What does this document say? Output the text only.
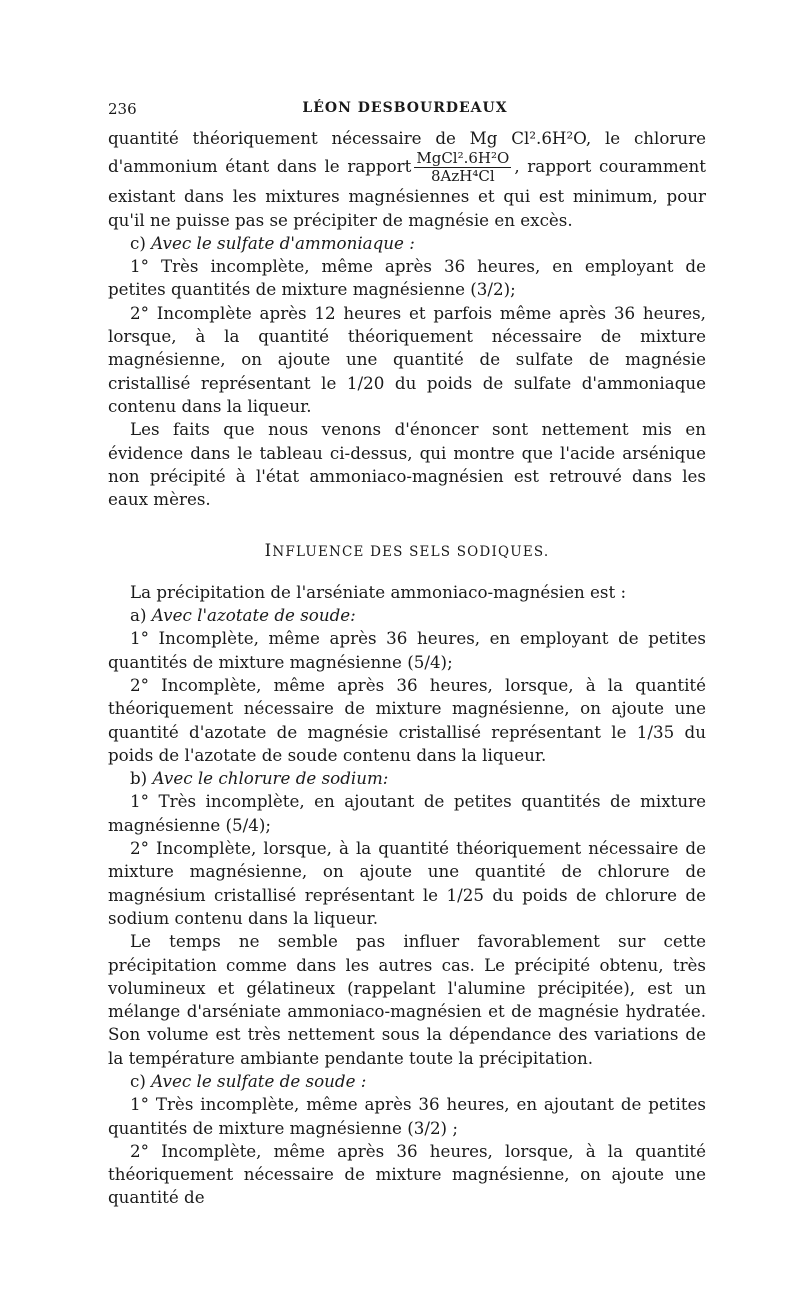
236	LÉON DESBOURDEAUX

quantité théoriquement nécessaire de Mg Cl².6H²O, le chlorure d'ammonium étant dans le rapport $\frac{\text{MgCl².6H²O}}{\text{8AzH⁴Cl}}$ , rapport couramment existant dans les mixtures magnésiennes et qui est minimum, pour qu'il ne puisse pas se précipiter de magnésie en excès.

c) Avec le sulfate d'ammoniaque :

1° Très incomplète, même après 36 heures, en employant de petites quantités de mixture magnésienne (3/2);

2° Incomplète après 12 heures et parfois même après 36 heures, lorsque, à la quantité théoriquement nécessaire de mixture magnésienne, on ajoute une quantité de sulfate de magnésie cristallisé représentant le 1/20 du poids de sulfate d'ammoniaque contenu dans la liqueur.

Les faits que nous venons d'énoncer sont nettement mis en évidence dans le tableau ci-dessus, qui montre que l'acide arsénique non précipité à l'état ammoniaco-magnésien est retrouvé dans les eaux mères.

INFLUENCE DES SELS SODIQUES.

La précipitation de l'arséniate ammoniaco-magnésien est :

a) Avec l'azotate de soude:

1° Incomplète, même après 36 heures, en employant de petites quantités de mixture magnésienne (5/4);

2° Incomplète, même après 36 heures, lorsque, à la quantité théoriquement nécessaire de mixture magnésienne, on ajoute une quantité d'azotate de magnésie cristallisé représentant le 1/35 du poids de l'azotate de soude contenu dans la liqueur.

b) Avec le chlorure de sodium:

1° Très incomplète, en ajoutant de petites quantités de mixture magnésienne (5/4);

2° Incomplète, lorsque, à la quantité théoriquement nécessaire de mixture magnésienne, on ajoute une quantité de chlorure de magnésium cristallisé représentant le 1/25 du poids de chlorure de sodium contenu dans la liqueur.

Le temps ne semble pas influer favorablement sur cette précipitation comme dans les autres cas. Le précipité obtenu, très volumineux et gélatineux (rappelant l'alumine précipitée), est un mélange d'arséniate ammoniaco-magnésien et de magnésie hydratée. Son volume est très nettement sous la dépendance des variations de la température ambiante pendante toute la précipitation.

c) Avec le sulfate de soude :

1° Très incomplète, même après 36 heures, en ajoutant de petites quantités de mixture magnésienne (3/2) ;

2° Incomplète, même après 36 heures, lorsque, à la quantité théoriquement nécessaire de mixture magnésienne, on ajoute une quantité de
